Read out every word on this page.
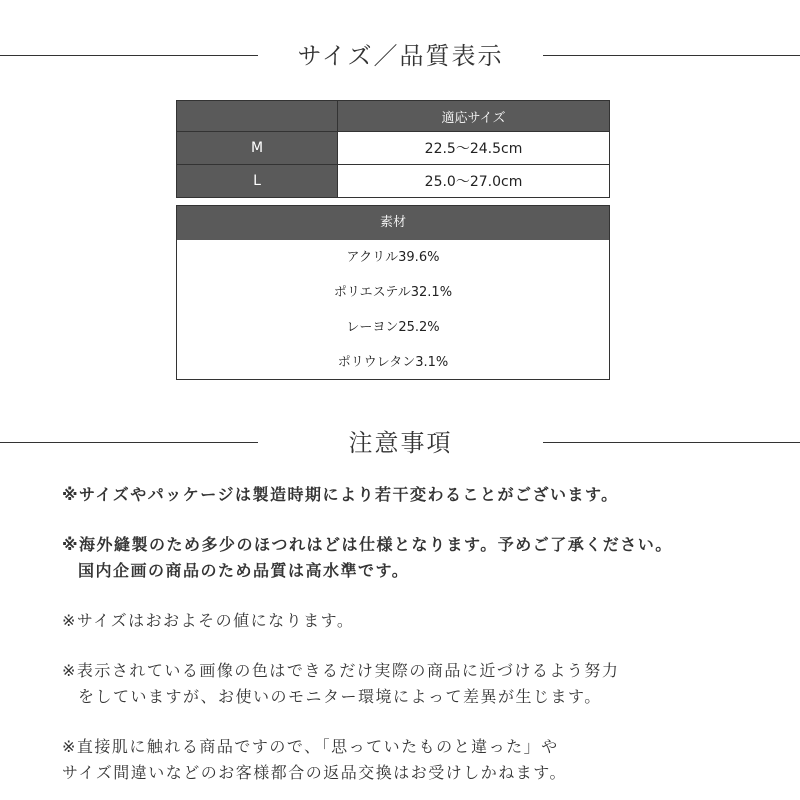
サイズ／品質表示
	適応サイズ
M	22.5〜24.5cm
L	25.0〜27.0cm
素材
アクリル39.6%
ポリエステル32.1%
レーヨン25.2%
ポリウレタン3.1%
注意事項

※サイズやパッケージは製造時期により若干変わることがございます。

※海外縫製のため多少のほつれはどは仕様となります。予めご了承ください。
国内企画の商品のため品質は高水準です。

※サイズはおおよその値になります。

※表示されている画像の色はできるだけ実際の商品に近づけるよう努力
をしていますが、お使いのモニター環境によって差異が生じます。

※直接肌に触れる商品ですので、「思っていたものと違った」や
サイズ間違いなどのお客様都合の返品交換はお受けしかねます。
